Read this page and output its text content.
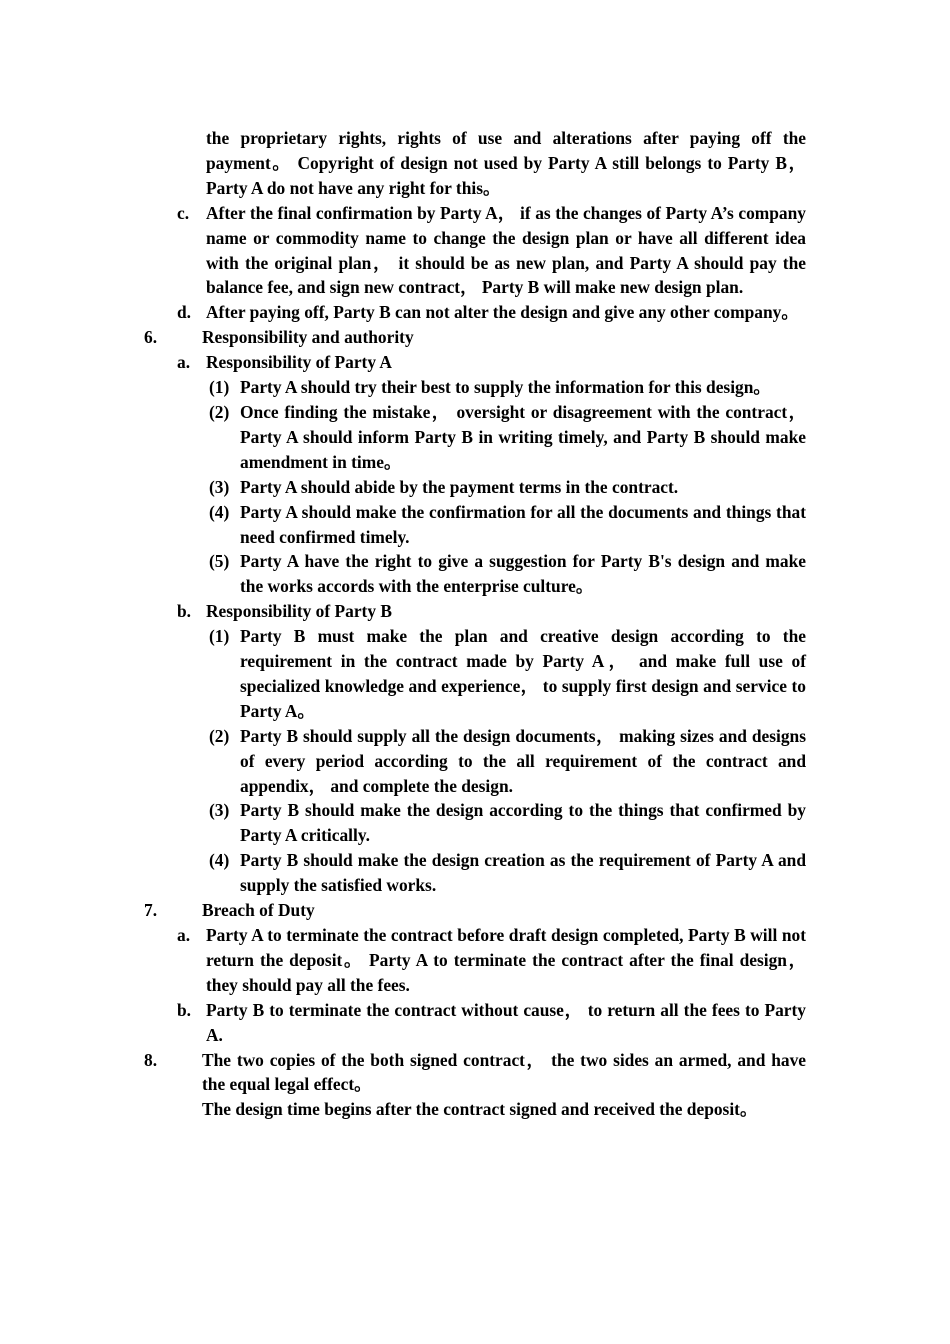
the proprietary rights, rights of use and alterations after paying off the payment。 Copyright of design not used by Party A still belongs to Party B， Party A do not have any right for this。

c. After the final confirmation by Party A， if as the changes of Party A’s company name or commodity name to change the design plan or have all different idea with the original plan， it should be as new plan, and Party A should pay the balance fee, and sign new contract， Party B will make new design plan.

d. After paying off, Party B can not alter the design and give any other company。

6.	Responsibility and authority

a. Responsibility of Party A

(1) Party A should try their best to supply the information for this design。

(2) Once finding the mistake， oversight or disagreement with the contract， Party A should inform Party B in writing timely, and Party B should make amendment in time。

(3) Party A should abide by the payment terms in the contract.

(4) Party A should make the confirmation for all the documents and things that need confirmed timely.

(5) Party A have the right to give a suggestion for Party B's design and make the works accords with the enterprise culture。

b. Responsibility of Party B

(1) Party B must make the plan and creative design according to the requirement in the contract made by Party A， and make full use of specialized knowledge and experience， to supply first design and service to Party A。

(2) Party B should supply all the design documents， making sizes and designs of every period according to the all requirement of the contract and appendix， and complete the design.

(3) Party B should make the design according to the things that confirmed by Party A critically.

(4) Party B should make the design creation as the requirement of Party A and supply the satisfied works.

7.	Breach of Duty

a. Party A to terminate the contract before draft design completed, Party B will not return the deposit。 Party A to terminate the contract after the final design， they should pay all the fees.

b. Party B to terminate the contract without cause， to return all the fees to Party A.

8.	The two copies of the both signed contract， the two sides an armed, and have the equal legal effect。

The design time begins after the contract signed and received the deposit。
